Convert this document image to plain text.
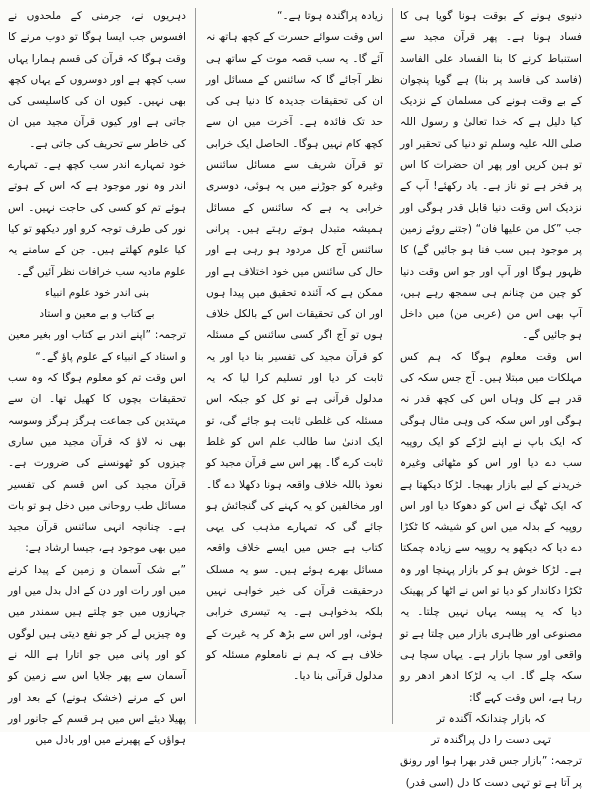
دنیوی ہونے کے بوقت ہونا گویا ہی کا فساد ہونا ہے۔ پھر قرآن مجید سے استنباط کرنے کا بنا الفساد علی الفاسد (فاسد کی فاسد پر بنا) ہے گویا پنچوان کے بے وقت ہونے کی مسلمان کے نزدیک کیا دلیل ہے کہ خدا تعالیٰ و رسول اللہ صلی اللہ علیہ وسلم تو دنیا کی تحقیر اور تو ہین کریں اور پھر ان حضرات کا اس پر فخر ہے تو ناز ہے۔ یاد رکھئے! آپ کے نزدیک اس وقت دنیا قابل قدر ہوگی اور جب ”کل من علیھا فان“ (جتنے روئے زمین پر موجود ہیں سب فنا ہو جائیں گے) کا ظہور ہوگا اور آپ اور جو اس وقت دنیا کو چین من چنانم ہی سمجھ رہے ہیں، آپ بھی اس من (عربی من) میں داخل ہو جائیں گے۔

اس وقت معلوم ہوگا کہ ہم کس مہلکات میں مبتلا ہیں۔ آج جس سکہ کی قدر ہے کل وہاں اس کی کچھ قدر نہ ہوگی اور اس سکہ کی وہی مثال ہوگی کہ ایک باپ نے اپنے لڑکے کو ایک روپیہ سب دے دیا اور اس کو مٹھائی وغیرہ خریدنے کے لیے بازار بھیجا۔ لڑکا دیکھتا ہے کہ ایک ٹھگ نے اس کو دھوکا دیا اور اس روپیہ کے بدلہ میں اس کو شیشہ کا ٹکڑا دے دیا کہ دیکھو یہ روپیہ سے زیادہ چمکتا ہے۔ لڑکا خوش ہو کر بازار پہنچا اور وہ ٹکڑا دکاندار کو دیا تو اس نے اٹھا کر پھینک دیا کہ یہ پیسہ یہاں نہیں چلتا۔ یہ مصنوعی اور ظاہری بازار میں چلتا ہے تو واقعی اور سچا بازار ہے۔ یہاں سچا ہی سکہ چلے گا۔ اب یہ لڑکا ادھر ادھر رو رہا ہے، اس وقت کہے گا:

کہ بازار چندانکہ آگندہ تر

تہی دست را دل پراگندہ تر

ترجمہ: ”بازار جس قدر بھرا ہوا اور رونق پر آتا ہے تو تہی دست کا دل (اسی قدر)

زیادہ پراگندہ ہوتا ہے۔“

اس وقت سوائے حسرت کے کچھ ہاتھ نہ آئے گا۔ یہ سب قصہ موت کے ساتھ ہی نظر آجائے گا کہ سائنس کے مسائل اور ان کی تحقیقات جدیدہ کا دنیا ہی کی حد تک فائدہ ہے۔ آخرت میں ان سے کچھ کام نہیں ہوگا۔ الحاصل ایک خرابی تو قرآن شریف سے مسائل سائنس وغیرہ کو جوڑنے میں یہ ہوئی، دوسری خرابی یہ ہے کہ سائنس کے مسائل ہمیشہ متبدل ہوتے رہتے ہیں۔ پرانی سائنس آج کل مردود ہو رہی ہے اور حال کی سائنس میں خود اختلاف ہے اور ممکن ہے کہ آئندہ تحقیق میں پیدا ہوں اور ان کی تحقیقات اس کے بالکل خلاف ہوں تو آج اگر کسی سائنس کے مسئلہ کو قرآن مجید کی تفسیر بنا دیا اور یہ ثابت کر دیا اور تسلیم کرا لیا کہ یہ مدلول قرآنی ہے تو کل کو جبکہ اس مسئلہ کی غلطی ثابت ہو جائے گی، تو ایک ادنیٰ سا طالب علم اس کو غلط ثابت کرے گا۔ پھر اس سے قرآن مجید کو نعوذ باللہ خلاف واقعہ ہونا دکھلا دے گا۔ اور مخالفین کو یہ کہنے کی گنجائش ہو جائے گی کہ تمہارے مذہب کی یہی کتاب ہے جس میں ایسے خلاف واقعہ مسائل بھرے ہوئے ہیں۔ سو یہ مسلک درحقیقت قرآن کی خیر خواہی نہیں بلکہ بدخواہی ہے۔ یہ تیسری خرابی ہوئی، اور اس سے بڑھ کر یہ غیرت کے خلاف ہے کہ ہم نے نامعلوم مسئلہ کو مدلول قرآنی بنا دیا۔

دہریوں نے، جرمنی کے ملحدوں نے افسوس جب ایسا ہوگا تو دوب مرنے کا وقت ہوگا کہ قرآن کی قسم ہمارا یہاں سب کچھ ہے اور دوسروں کے یہاں کچھ بھی نہیں۔ کیوں ان کی کاسلیسی کی جاتی ہے اور کیوں قرآن مجید میں ان کی خاطر سے تحریف کی جاتی ہے۔

خود تمہارے اندر سب کچھ ہے۔ تمہارے اندر وہ نور موجود ہے کہ اس کے ہوتے ہوئے تم کو کسی کی حاجت نہیں۔ اس نور کی طرف توجہ کرو اور دیکھو تو کیا کیا علوم کھلتے ہیں۔ جن کے سامنے یہ علوم مادیہ سب خرافات نظر آئیں گے۔

بنی اندر خود علوم انبیاء

بے کتاب و بے معین و استاد

ترجمہ: ”اپنے اندر بے کتاب اور بغیر معین و استاد کے انبیاء کے علوم پاؤ گے۔“

اس وقت تم کو معلوم ہوگا کہ وہ سب تحقیقات بچوں کا کھیل تھا۔ ان سے مہتدین کی جماعت ہرگز ہرگز وسوسہ بھی نہ لاؤ کہ قرآن مجید میں ساری چیزوں کو ٹھونسنے کی ضرورت ہے۔ قرآن مجید کی اس قسم کی تفسیر مسائل طب روحانی میں دخل ہو تو بات ہے۔ چنانچہ انہی سائنس قرآن مجید میں بھی موجود ہے، جیسا ارشاد ہے:

”بے شک آسمان و زمین کے پیدا کرنے میں اور رات اور دن کے ادل بدل میں اور جہازوں میں جو چلتے ہیں سمندر میں وہ چیزیں لے کر جو نفع دیتی ہیں لوگوں کو اور پانی میں جو اتارا ہے اللہ نے آسمان سے پھر جلایا اس سے زمین کو اس کے مرنے (خشک ہونے) کے بعد اور پھیلا دیئے اس میں ہر قسم کے جانور اور ہواؤں کے پھیرنے میں اور بادل میں
